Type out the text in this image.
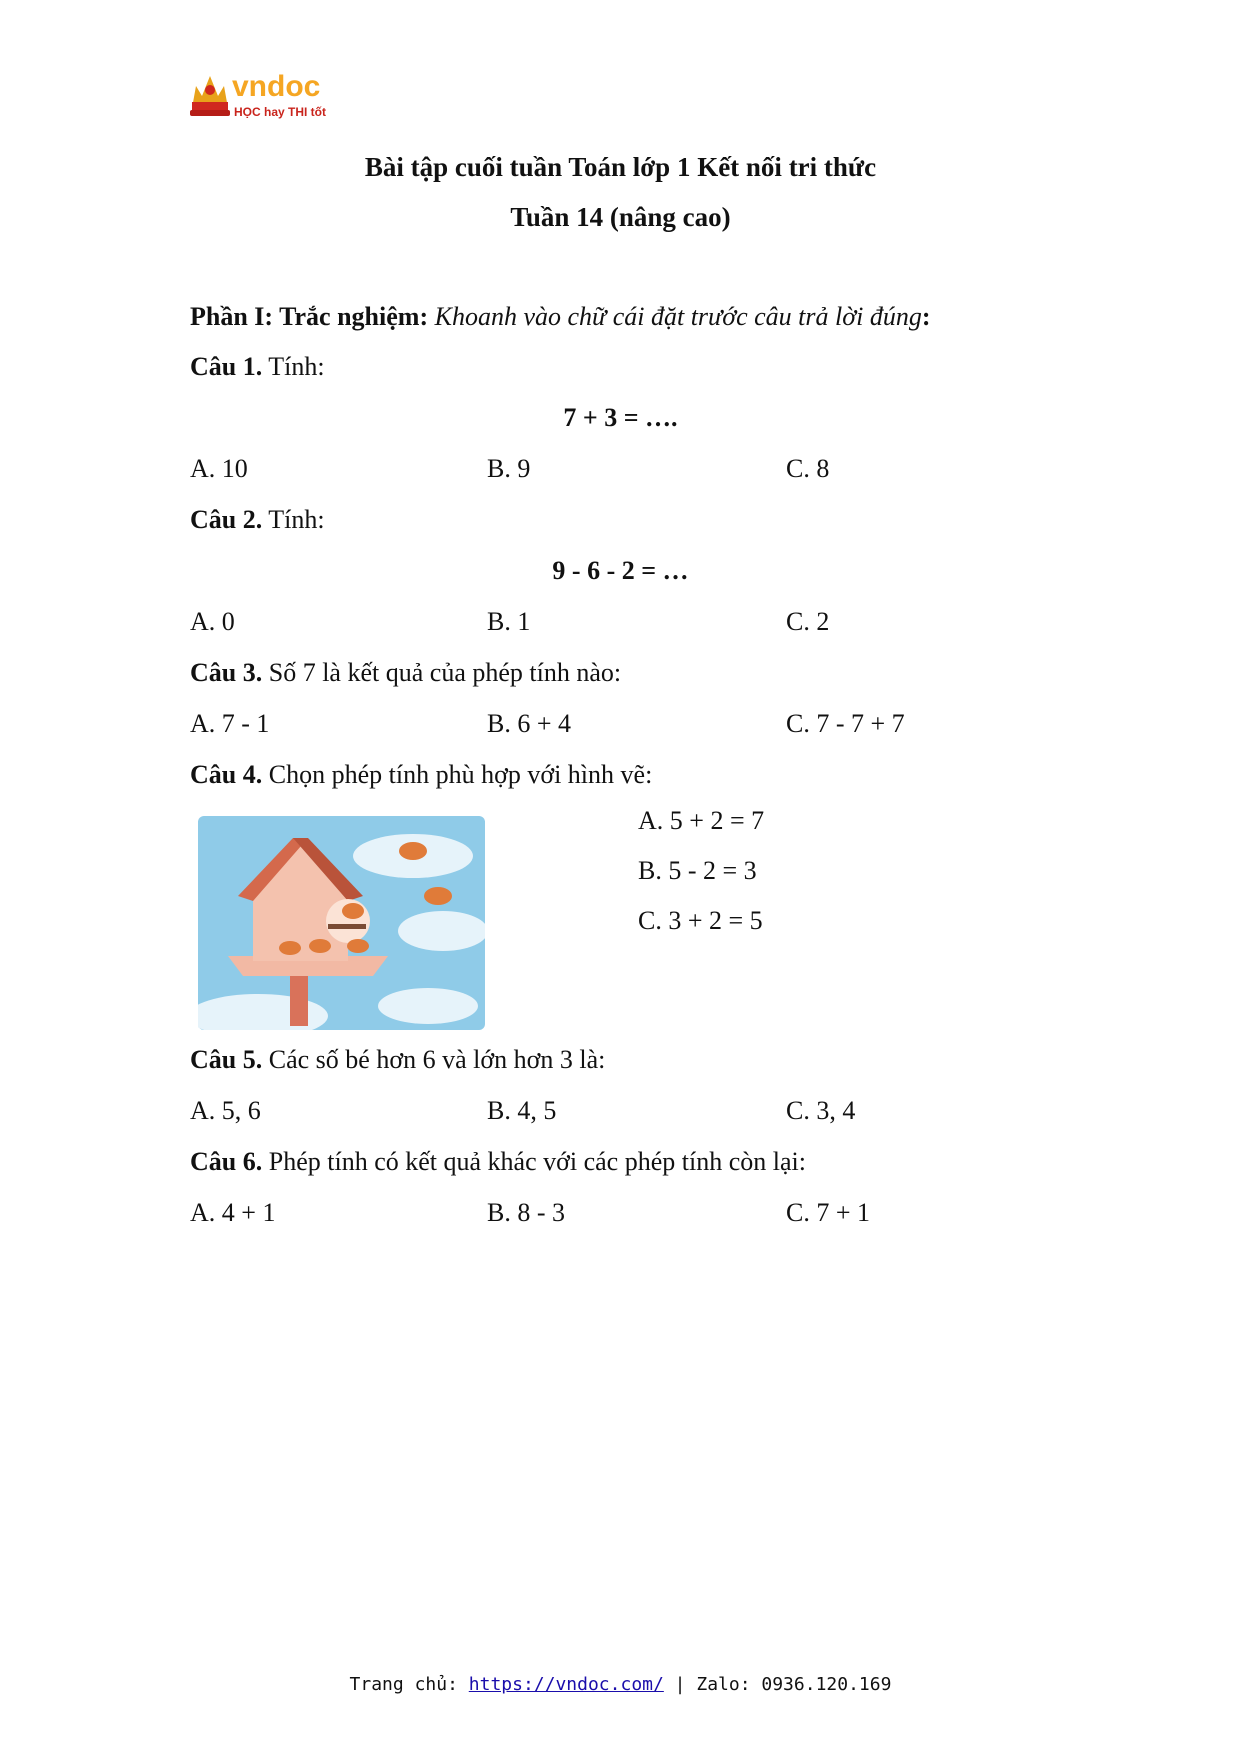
vndoc
HỌC hay THI tốt
Bài tập cuối tuần Toán lớp 1 Kết nối tri thức
Tuần 14 (nâng cao)
Phần I: Trắc nghiệm: Khoanh vào chữ cái đặt trước câu trả lời đúng:
Câu 1. Tính:
7 + 3 = ….
A. 10	B. 9	C. 8
Câu 2. Tính:
9 - 6 - 2 = …
A. 0	B. 1	C. 2
Câu 3. Số 7 là kết quả của phép tính nào:
A. 7 - 1	B. 6 + 4	C. 7 - 7 + 7
Câu 4. Chọn phép tính phù hợp với hình vẽ:
A. 5 + 2 = 7
B. 5 - 2 = 3
C. 3 + 2 = 5
Câu 5. Các số bé hơn 6 và lớn hơn 3 là:
A. 5, 6	B. 4, 5	C. 3, 4
Câu 6. Phép tính có kết quả khác với các phép tính còn lại:
A. 4 + 1	B. 8 - 3	C. 7 + 1
Trang chủ: https://vndoc.com/ | Zalo: 0936.120.169
